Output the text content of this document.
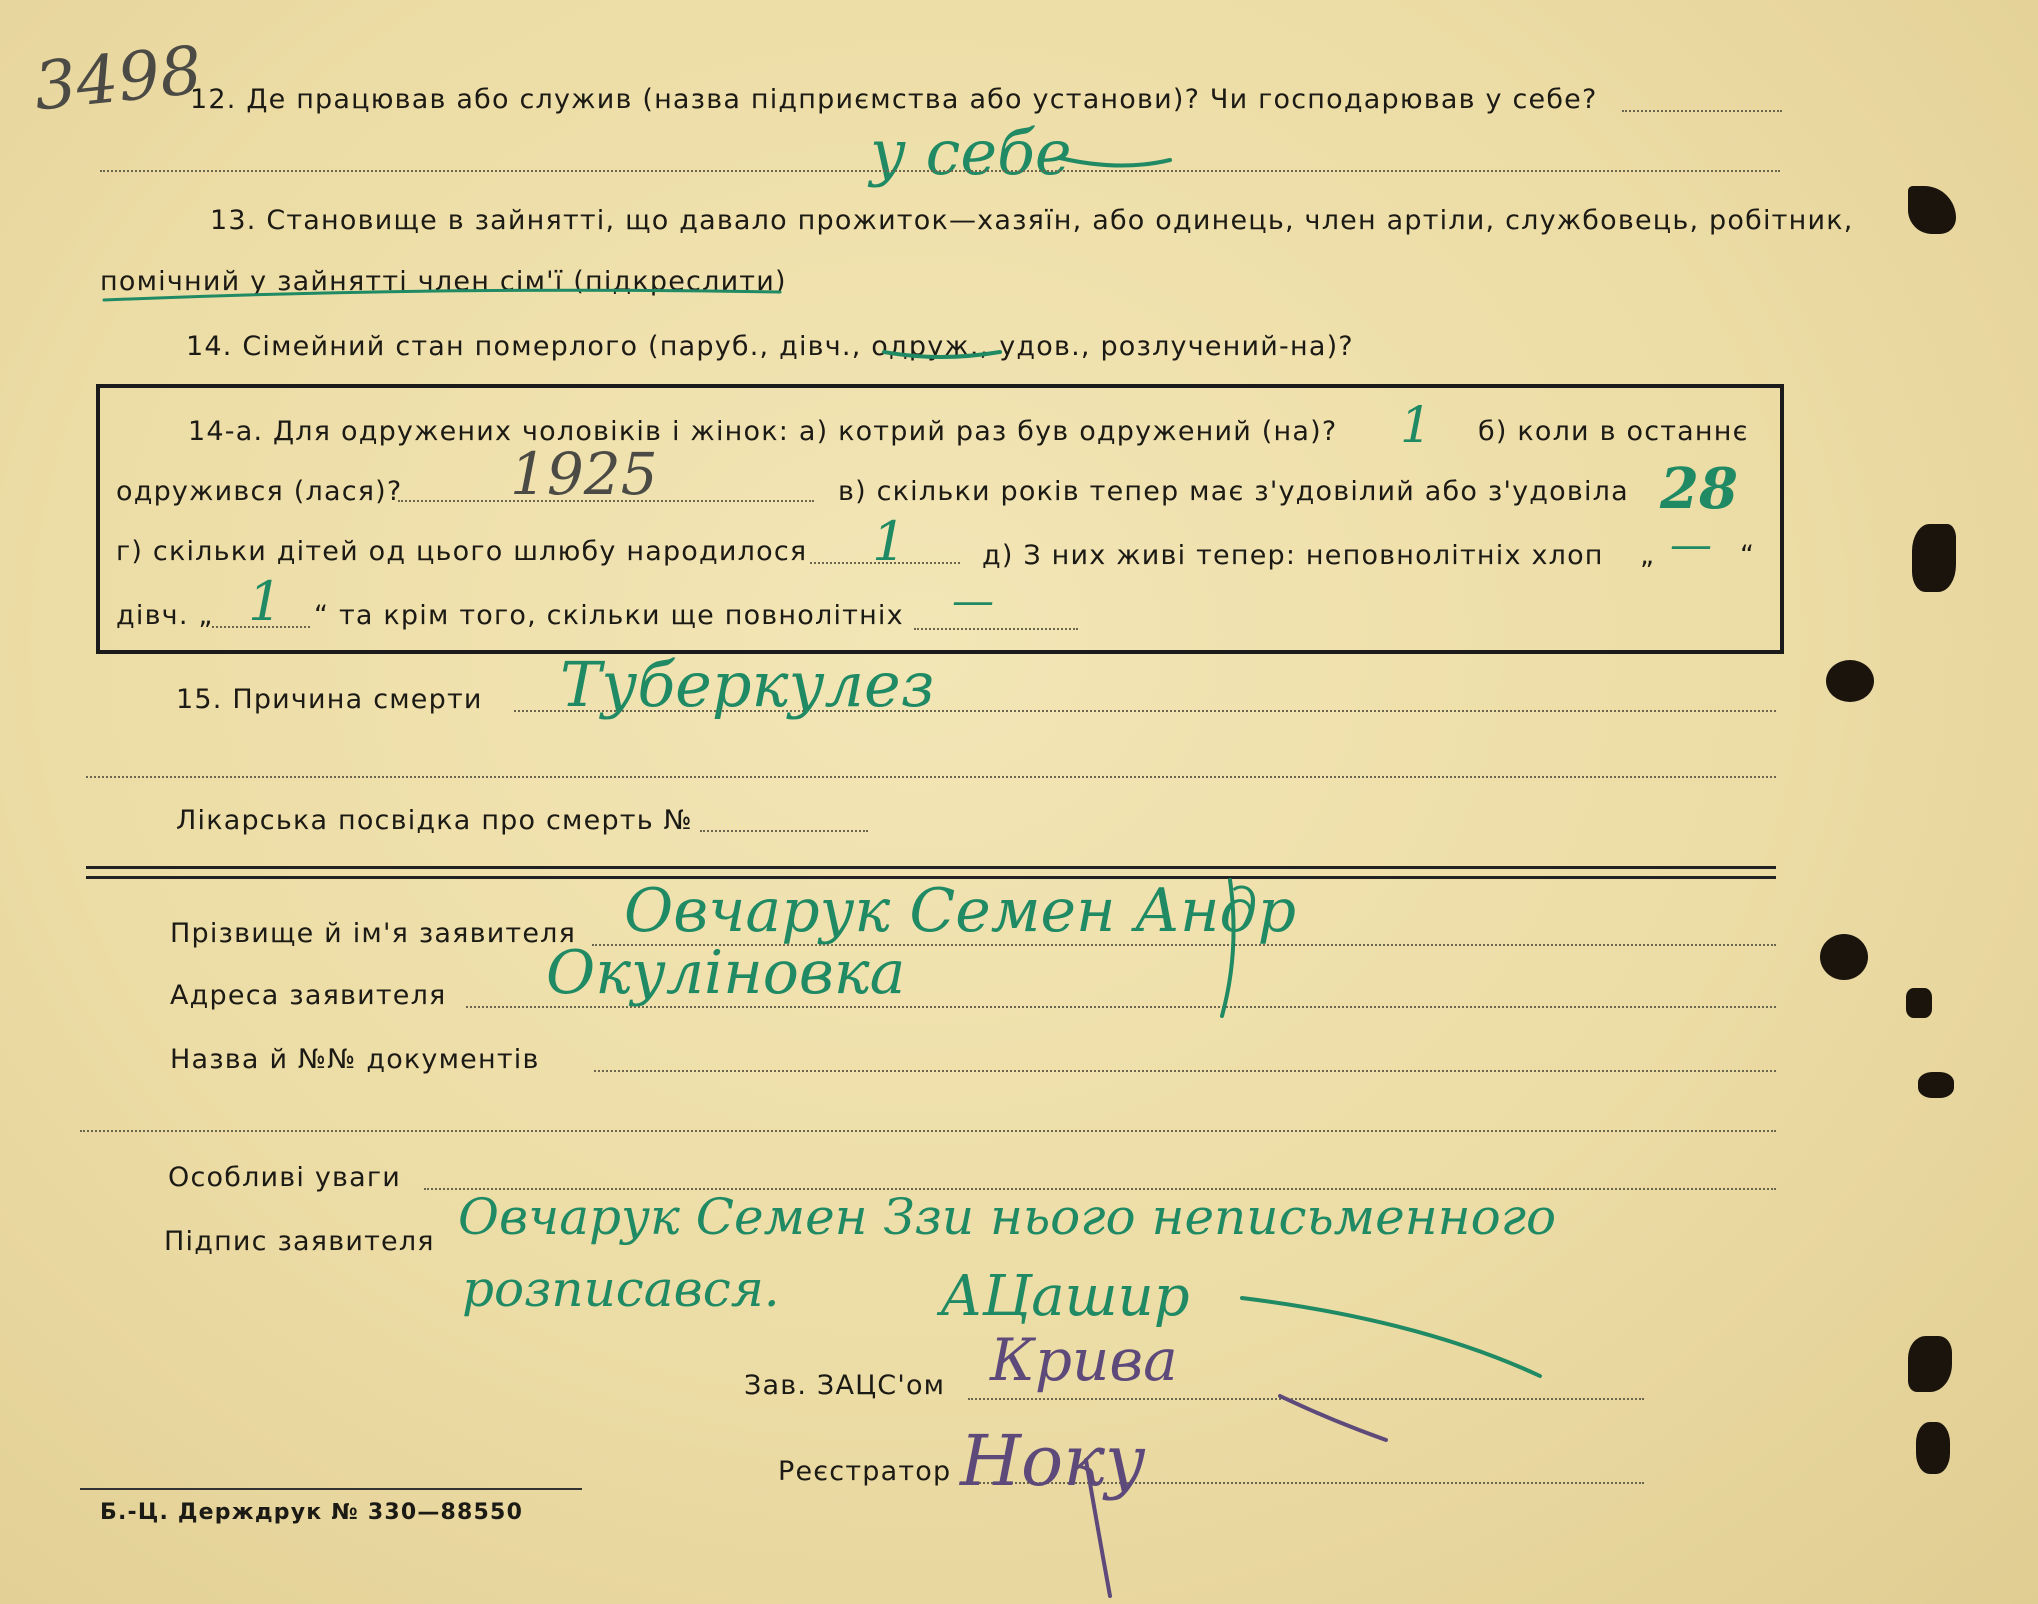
3498
12. Де працював або служив (назва підприємства або установи)? Чи господарював у себе?
у себе
13. Становище в зайнятті, що давало прожиток—хазяїн, або одинець, член артіли, службовець, робітник,
помічний у зайнятті член сім'ї (підкреслити)
14. Сімейний стан померлого (паруб., дівч., одруж., удов., розлучений-на)?
14-а. Для одружених чоловіків і жінок: а) котрий раз був одружений (на)? 1 б) коли в останнє
одружився (лася)? 1925	в) скільки років тепер має з'удовілий або з'удовіла 28
г) скільки дітей од цього шлюбу народилося 1	д) З них живі тепер: неповнолітніх хлоп „ — “
дівч. „ 1 “ та крім того, скільки ще повнолітніх —
15. Причина смерти Туберкулез
Лікарська посвідка про смерть №
Прізвище й ім'я заявителя Овчарук Семен Андр
Адреса заявителя Окуліновка
Назва й №№ документів
Особливі уваги
Підпис заявителя Овчарук Семен Ззи нього неписьменного
розписався.	АЦашир
Зав. ЗАЦС'ом Крива
Реєстратор Ноку
Б.-Ц. Держдрук № 330—88550
